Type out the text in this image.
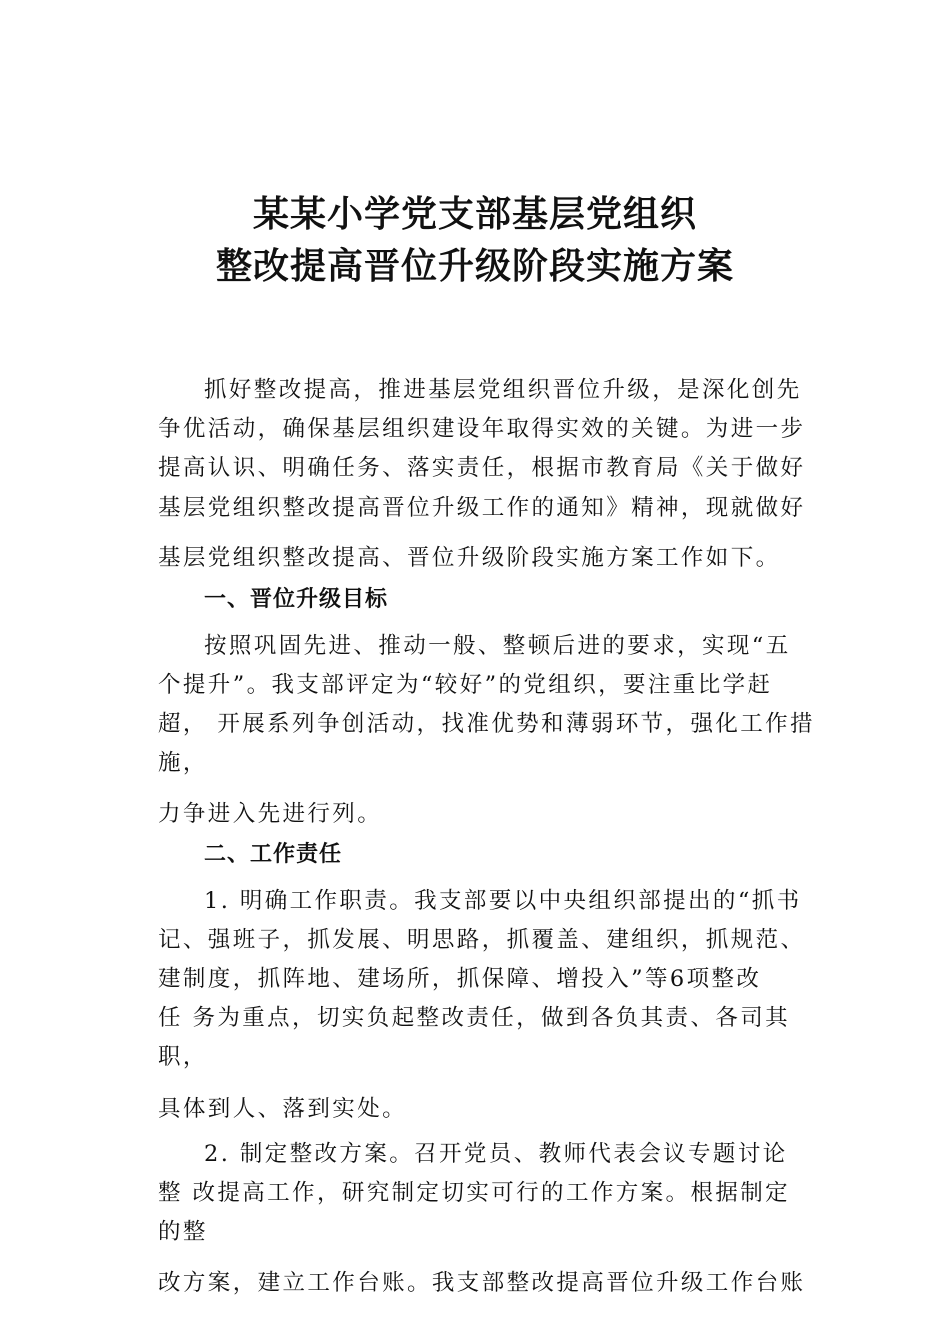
某某小学党支部基层党组织
整改提高晋位升级阶段实施方案
抓好整改提高，推进基层党组织晋位升级，是深化创先
争优活动，确保基层组织建设年取得实效的关键。为进一步
提高认识、明确任务、落实责任，根据市教育局《关于做好
基层党组织整改提高晋位升级工作的通知》精神，现就做好
基层党组织整改提高、晋位升级阶段实施方案工作如下。
一、晋位升级目标
按照巩固先进、推动一般、整顿后进的要求，实现“五
个提升”。我支部评定为“较好”的党组织，要注重比学赶
超， 开展系列争创活动，找准优势和薄弱环节，强化工作措
施，
力争进入先进行列。
二、工作责任
1. 明确工作职责。我支部要以中央组织部提出的“抓书
记、强班子，抓发展、明思路，抓覆盖、建组织，抓规范、
建制度，抓阵地、建场所，抓保障、增投入”等6项整改
任 务为重点，切实负起整改责任，做到各负其责、各司其
职，
具体到人、落到实处。
2. 制定整改方案。召开党员、教师代表会议专题讨论
整 改提高工作，研究制定切实可行的工作方案。根据制定
的整
改方案，建立工作台账。我支部整改提高晋位升级工作台账
